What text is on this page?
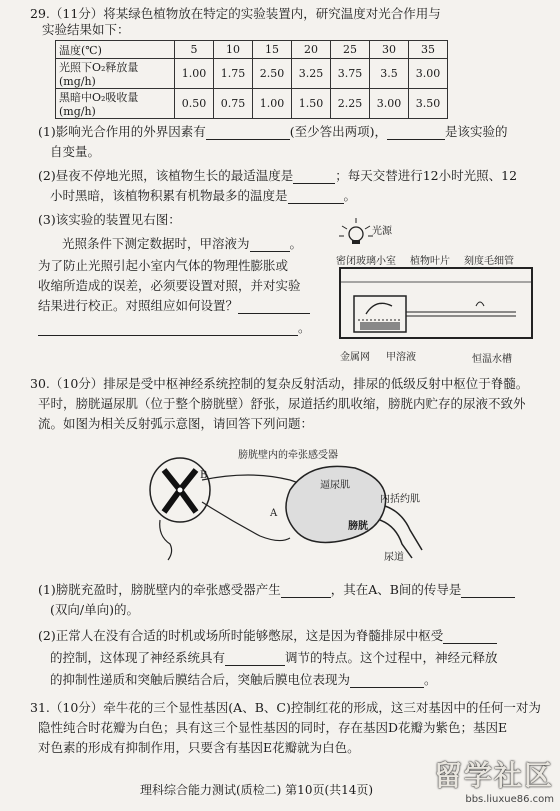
29.（11分）将某绿色植物放在特定的实验装置内，研究温度对光合作用与
实验结果如下：
温度(℃)	5	10	15	20	25	30	35
光照下O₂释放量(mg/h)	1.00	1.75	2.50	3.25	3.75	3.5	3.00
黑暗中O₂吸收量(mg/h)	0.50	0.75	1.00	1.50	2.25	3.00	3.50
(1)影响光合作用的外界因素有	(至少答出两项)，	是该实验的
自变量。
(2)昼夜不停地光照，该植物生长的最适温度是	；每天交替进行12小时光照、12
小时黑暗，该植物积累有机物最多的温度是	。
(3)该实验的装置见右图：
光照条件下测定数据时，甲溶液为	。
为了防止光照引起小室内气体的物理性膨胀或
收缩所造成的误差，必须要设置对照，并对实验
结果进行校正。对照组应如何设置？
。
光源
密闭玻璃小室 植物叶片 刻度毛细管
金属网 甲溶液	恒温水槽
30.（10分）排尿是受中枢神经系统控制的复杂反射活动，排尿的低级反射中枢位于脊髓。
平时，膀胱逼尿肌（位于整个膀胱壁）舒张，尿道括约肌收缩，膀胱内贮存的尿液不致外
流。如图为相关反射弧示意图，请回答下列问题：
膀胱壁内的牵张感受器
逼尿肌
内括约肌
膀胱
尿道
A
B
(1)膀胱充盈时，膀胱壁内的牵张感受器产生	，其在A、B间的传导是
(双向/单向)的。
(2)正常人在没有合适的时机或场所时能够憋尿，这是因为脊髓排尿中枢受
的控制，这体现了神经系统具有	调节的特点。这个过程中，神经元释放
的抑制性递质和突触后膜结合后，突触后膜电位表现为	。
31.（10分）牵牛花的三个显性基因(A、B、C)控制红花的形成，这三对基因中的任何一对为
隐性纯合时花瓣为白色；具有这三个显性基因的同时，存在基因D花瓣为紫色；基因E
对色素的形成有抑制作用，只要含有基因E花瓣就为白色。
理科综合能力测试(质检二) 第10页(共14页) 留学社区
bbs.liuxue86.com
